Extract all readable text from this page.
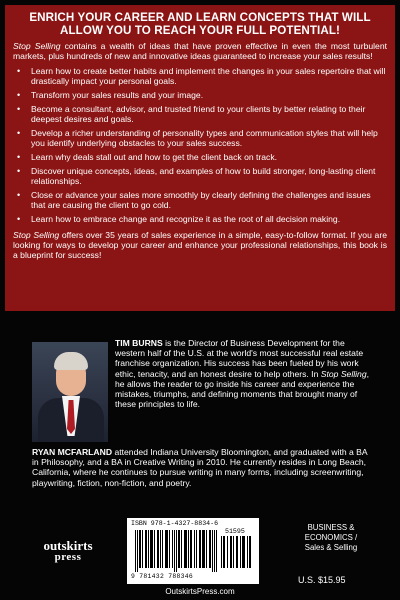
ENRICH YOUR CAREER AND LEARN CONCEPTS THAT WILL ALLOW YOU TO REACH YOUR FULL POTENTIAL!

Stop Selling contains a wealth of ideas that have proven effective in even the most turbulent markets, plus hundreds of new and innovative ideas guaranteed to increase your sales results!

• Learn how to create better habits and implement the changes in your sales repertoire that will drastically impact your personal goals.
• Transform your sales results and your image.
• Become a consultant, advisor, and trusted friend to your clients by better relating to their deepest desires and goals.
• Develop a richer understanding of personality types and communication styles that will help you identify underlying obstacles to your sales success.
• Learn why deals stall out and how to get the client back on track.
• Discover unique concepts, ideas, and examples of how to build stronger, long-lasting client relationships.
• Close or advance your sales more smoothly by clearly defining the challenges and issues that are causing the client to go cold.
• Learn how to embrace change and recognize it as the root of all decision making.

Stop Selling offers over 35 years of sales experience in a simple, easy-to-follow format. If you are looking for ways to develop your career and enhance your professional relationships, this book is a blueprint for success!

TIM BURNS is the Director of Business Development for the western half of the U.S. at the world's most successful real estate franchise organization. His success has been fueled by his work ethic, tenacity, and an honest desire to help others. In Stop Selling, he allows the reader to go inside his career and experience the mistakes, triumphs, and defining moments that brought many of these principles to life.

RYAN MCFARLAND attended Indiana University Bloomington, and graduated with a BA in Philosophy, and a BA in Creative Writing in 2010. He currently resides in Long Beach, California, where he continues to pursue writing in many forms, including screenwriting, playwriting, fiction, non-fiction, and poetry.

outskirts
press
ISBN 978-1-4327-8834-6
51595
9 781432 788346
BUSINESS &
ECONOMICS /
Sales & Selling
U.S. $15.95
OutskirtsPress.com
